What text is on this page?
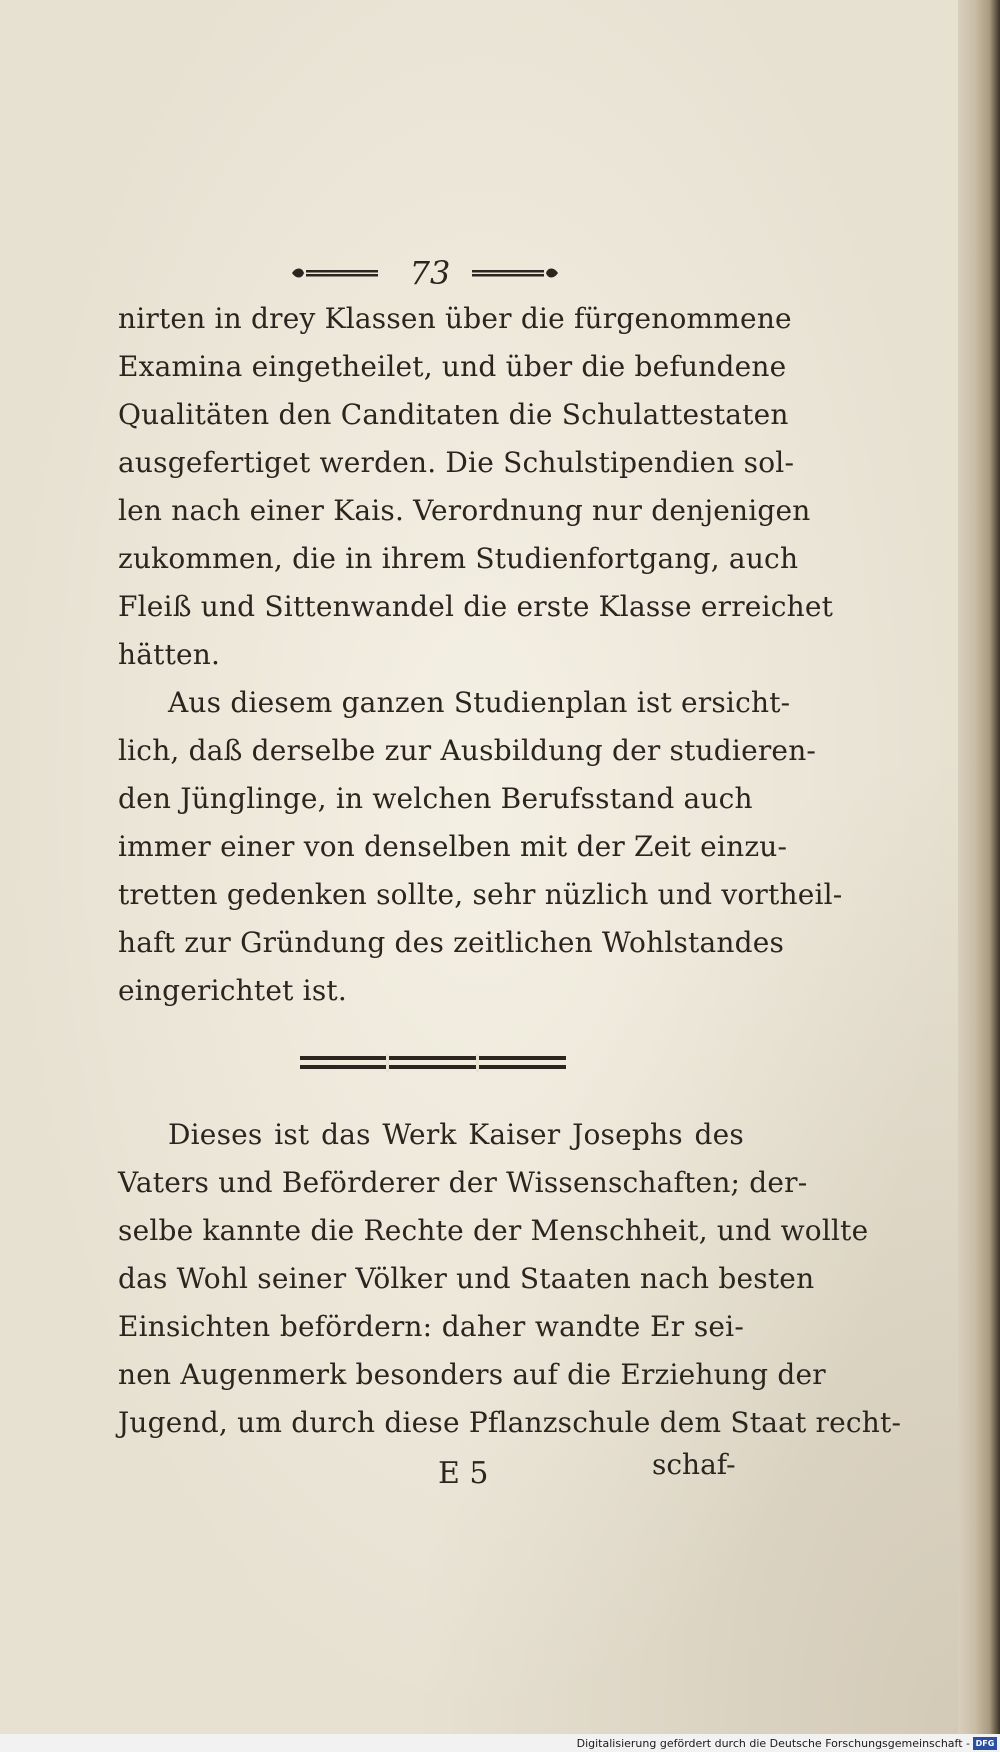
73
nirten in drey Klassen über die fürgenommene
Examina eingetheilet, und über die befundene
Qualitäten den Canditaten die Schulattestaten
ausgefertiget werden. Die Schulstipendien sol-
len nach einer Kais. Verordnung nur denjenigen
zukommen, die in ihrem Studienfortgang, auch
Fleiß und Sittenwandel die erste Klasse erreichet
hätten.
Aus diesem ganzen Studienplan ist ersicht-
lich, daß derselbe zur Ausbildung der studieren-
den Jünglinge, in welchen Berufsstand auch
immer einer von denselben mit der Zeit einzu-
tretten gedenken sollte, sehr nüzlich und vortheil-
haft zur Gründung des zeitlichen Wohlstandes
eingerichtet ist.
Dieses ist das Werk Kaiser Josephs des
Vaters und Beförderer der Wissenschaften; der-
selbe kannte die Rechte der Menschheit, und wollte
das Wohl seiner Völker und Staaten nach besten
Einsichten befördern: daher wandte Er sei-
nen Augenmerk besonders auf die Erziehung der
Jugend, um durch diese Pflanzschule dem Staat recht-
E 5	schaf-
Digitalisierung gefördert durch die Deutsche Forschungsgemeinschaft - DFG
